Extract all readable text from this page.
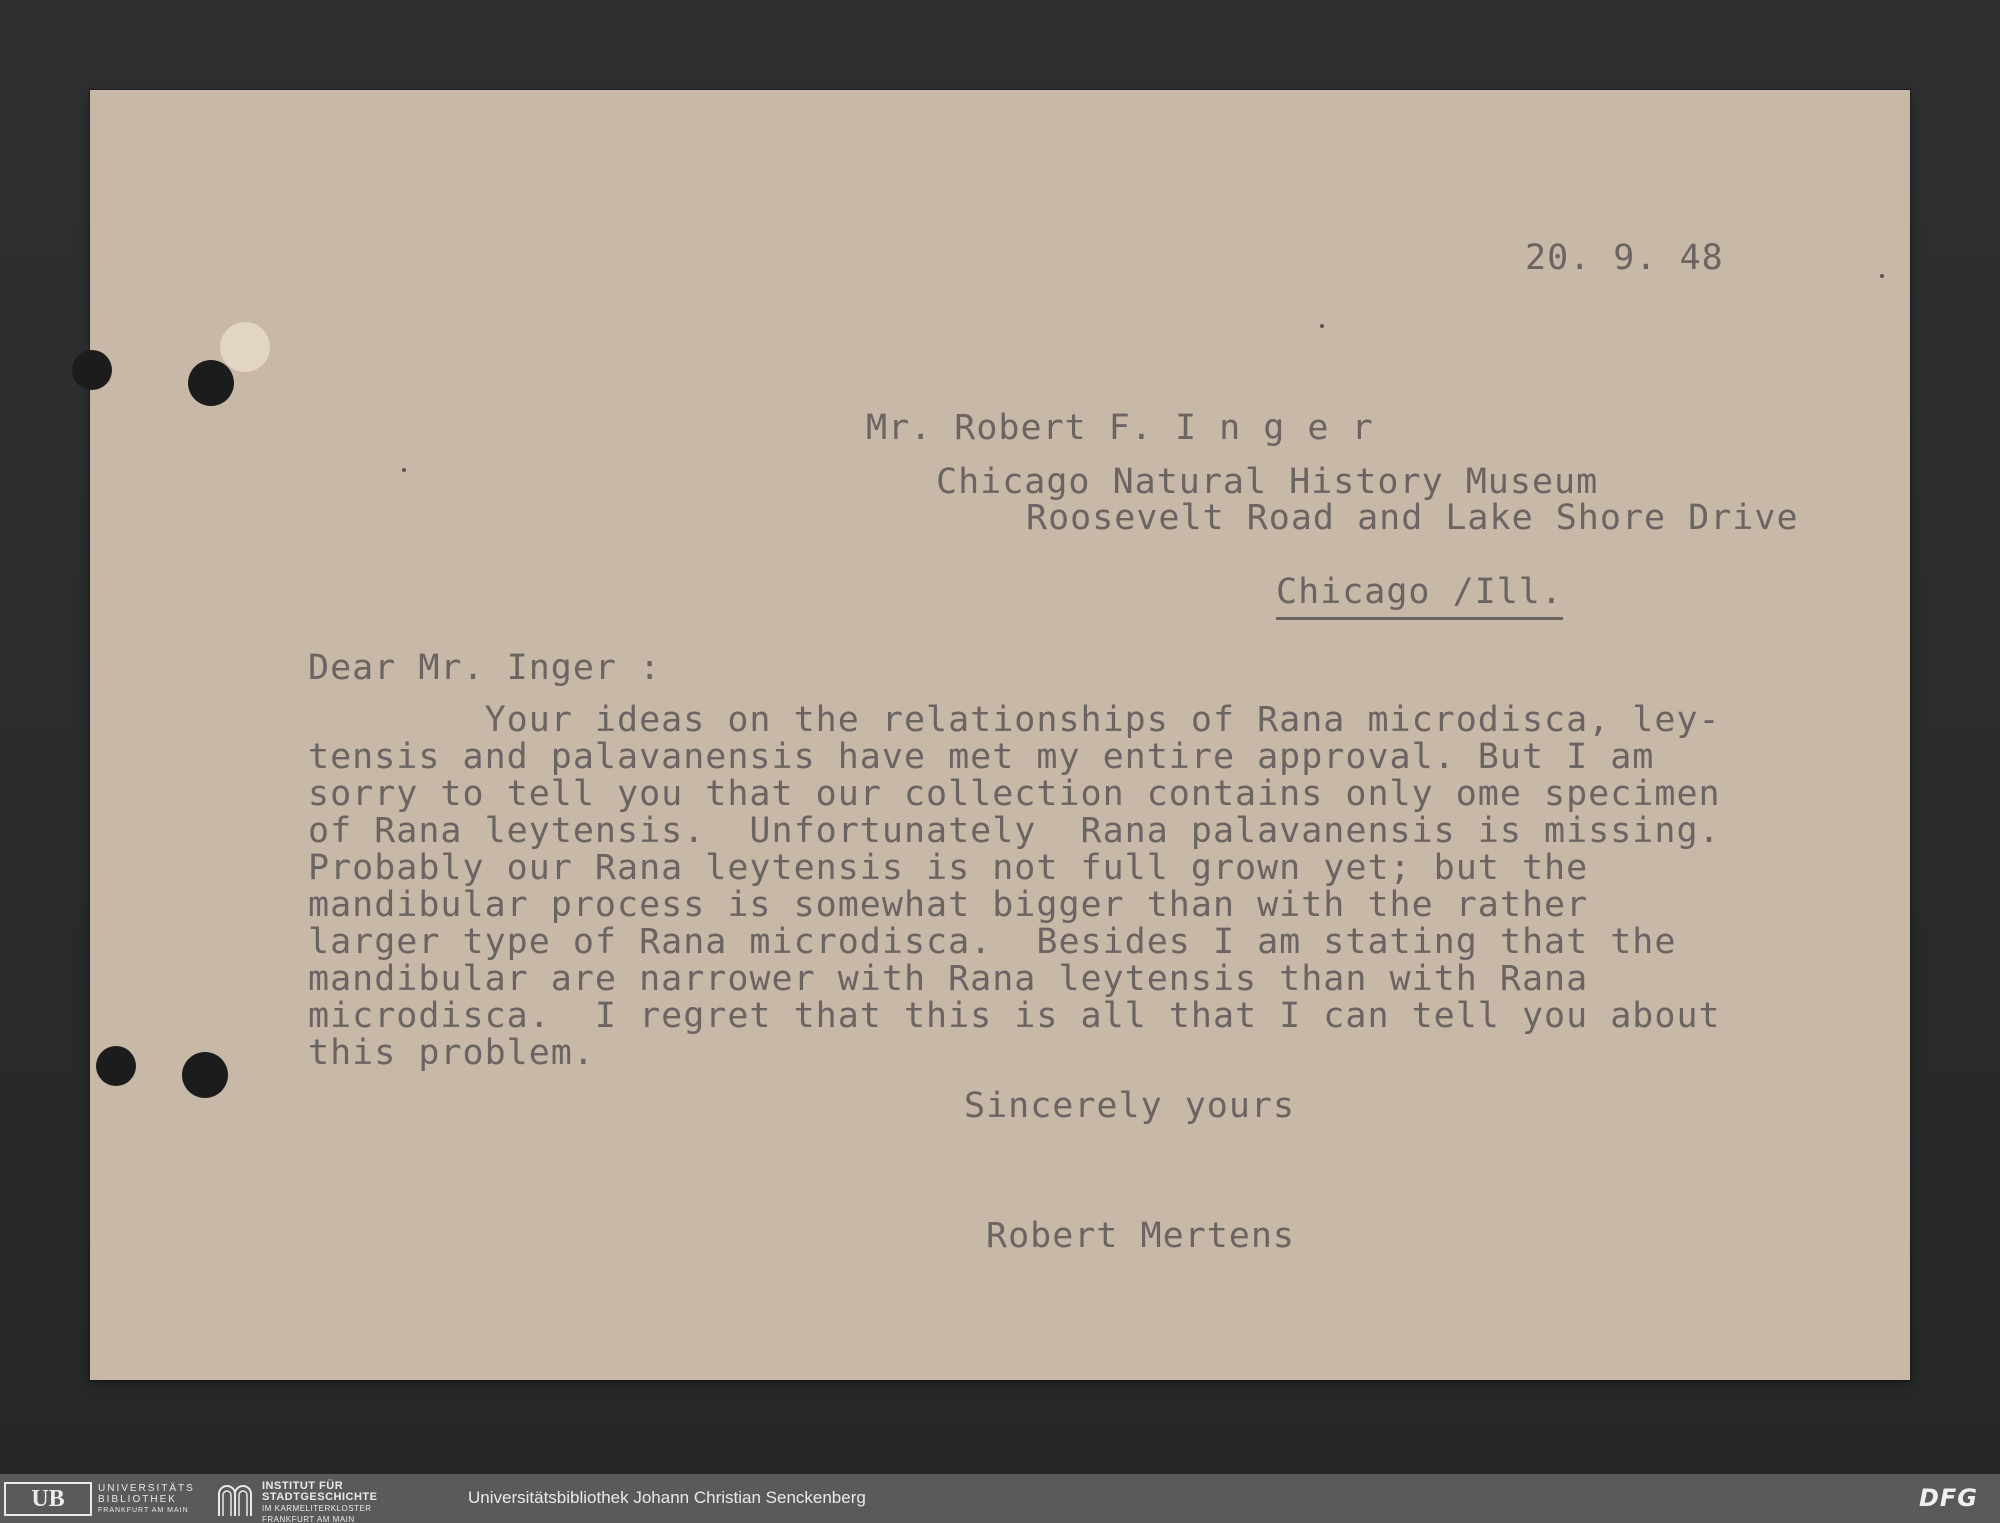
20. 9. 48

Mr. Robert F. I n g e r

Chicago Natural History Museum

Roosevelt Road and Lake Shore Drive

Chicago /Ill.

Dear Mr. Inger :

Your ideas on the relationships of Rana microdisca, ley-
tensis and palavanensis have met my entire approval. But I am
sorry to tell you that our collection contains only ome specimen
of Rana leytensis.  Unfortunately  Rana palavanensis is missing.
Probably our Rana leytensis is not full grown yet; but the
mandibular process is somewhat bigger than with the rather
larger type of Rana microdisca.  Besides I am stating that the
mandibular are narrower with Rana leytensis than with Rana
microdisca.  I regret that this is all that I can tell you about
this problem.

Sincerely yours

Robert Mertens

UB	UNIVERSITÄTS
BIBLIOTHEK
FRANKFURT AM MAIN
INSTITUT FÜR
STADTGESCHICHTE
IM KARMELITERKLOSTER
FRANKFURT AM MAIN
Universitätsbibliothek Johann Christian Senckenberg	DFG
